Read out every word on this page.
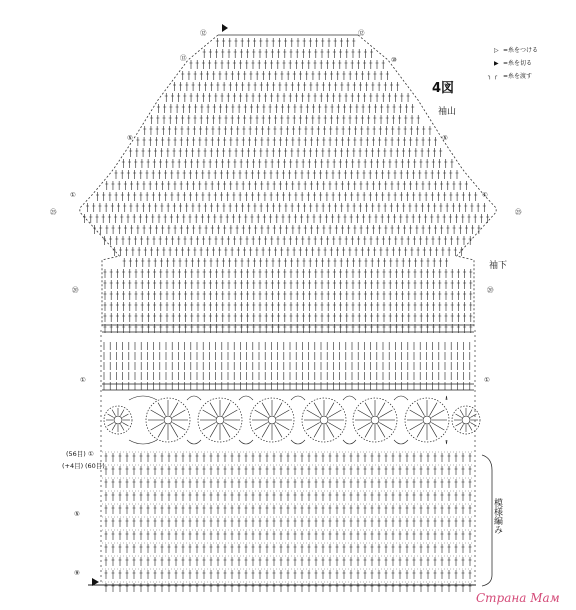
4図
袖山
袖下
模様編み
▷ =糸をつける
▶ =糸を切る
╮ ╭ =糸を渡す
⑫	⑫
⑬	⑩
⑤	⑤
①	①
㉕	㉕
⑳	⑳
①	①
(56目) ①
(+4目) (60目)
⑤
⑨
Страна Мам
